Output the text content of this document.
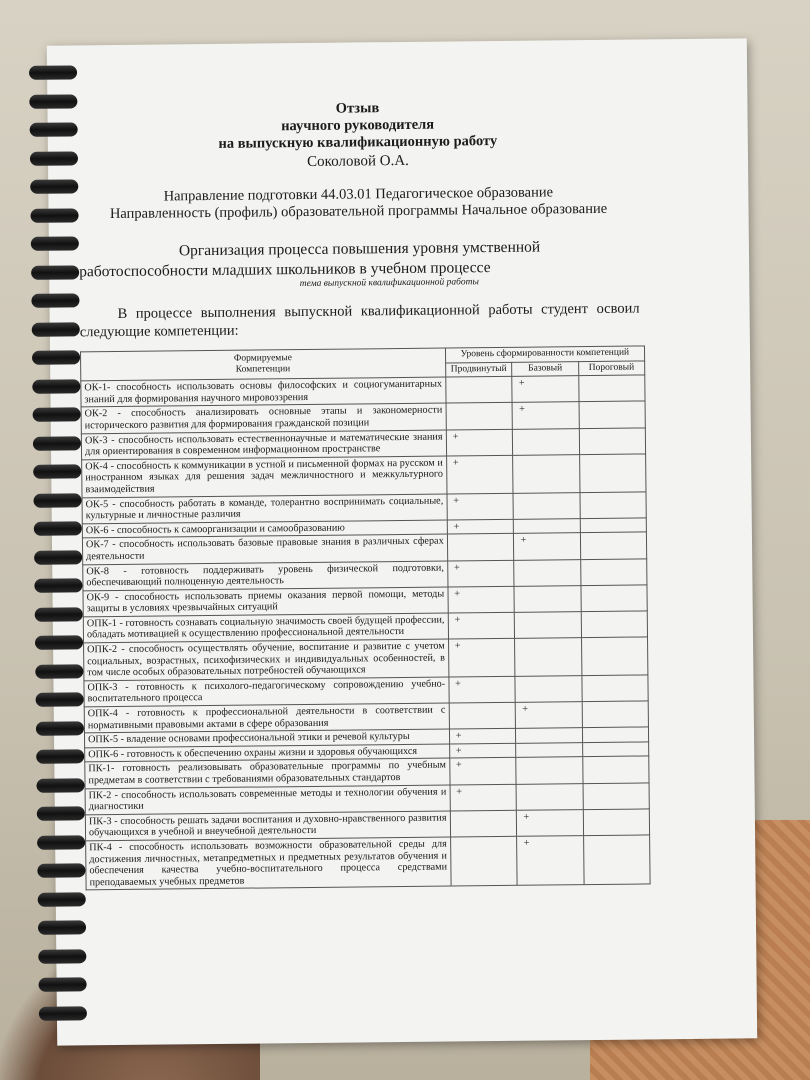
Отзыв
научного руководителя
на выпускную квалификационную работу
Соколовой О.А.
Направление подготовки 44.03.01 Педагогическое образование
Направленность (профиль) образовательной программы Начальное образование
Организация процесса повышения уровня умственной
работоспособности младших школьников в учебном процессе
тема выпускной квалификационной работы
В процессе выполнения выпускной квалификационной работы студент освоил следующие компетенции:
Формируемые
Компетенции	Уровень сформированности компетенций		
	Продвинутый	Базовый	Пороговый
ОК-1- способность использовать основы философских и социогуманитарных знаний для формирования научного мировоззрения		+	
ОК-2 - способность анализировать основные этапы и закономерности исторического развития для формирования гражданской позиции		+	
ОК-3 - способность использовать естественнонаучные и математические знания для ориентирования в современном информационном пространстве	+		
ОК-4 - способность к коммуникации в устной и письменной формах на русском и иностранном языках для решения задач межличностного и межкультурного взаимодействия	+		
ОК-5 - способность работать в команде, толерантно воспринимать социальные, культурные и личностные различия	+		
ОК-6 - способность к самоорганизации и самообразованию	+		
ОК-7 - способность использовать базовые правовые знания в различных сферах деятельности		+	
ОК-8 - готовность поддерживать уровень физической подготовки, обеспечивающий полноценную деятельность	+		
ОК-9 - способность использовать приемы оказания первой помощи, методы защиты в условиях чрезвычайных ситуаций	+		
ОПК-1 - готовность сознавать социальную значимость своей будущей профессии, обладать мотивацией к осуществлению профессиональной деятельности	+		
ОПК-2 - способность осуществлять обучение, воспитание и развитие с учетом социальных, возрастных, психофизических и индивидуальных особенностей, в том числе особых образовательных потребностей обучающихся	+		
ОПК-3 - готовность к психолого-педагогическому сопровождению учебно-воспитательного процесса	+		
ОПК-4 - готовность к профессиональной деятельности в соответствии с нормативными правовыми актами в сфере образования		+	
ОПК-5 - владение основами профессиональной этики и речевой культуры	+		
ОПК-6 - готовность к обеспечению охраны жизни и здоровья обучающихся	+		
ПК-1- готовность реализовывать образовательные программы по учебным предметам в соответствии с требованиями образовательных стандартов	+		
ПК-2 - способность использовать современные методы и технологии обучения и диагностики	+		
ПК-3 - способность решать задачи воспитания и духовно-нравственного развития обучающихся в учебной и внеучебной деятельности		+	
ПК-4 - способность использовать возможности образовательной среды для достижения личностных, метапредметных и предметных результатов обучения и обеспечения качества учебно-воспитательного процесса средствами преподаваемых учебных предметов		+	
